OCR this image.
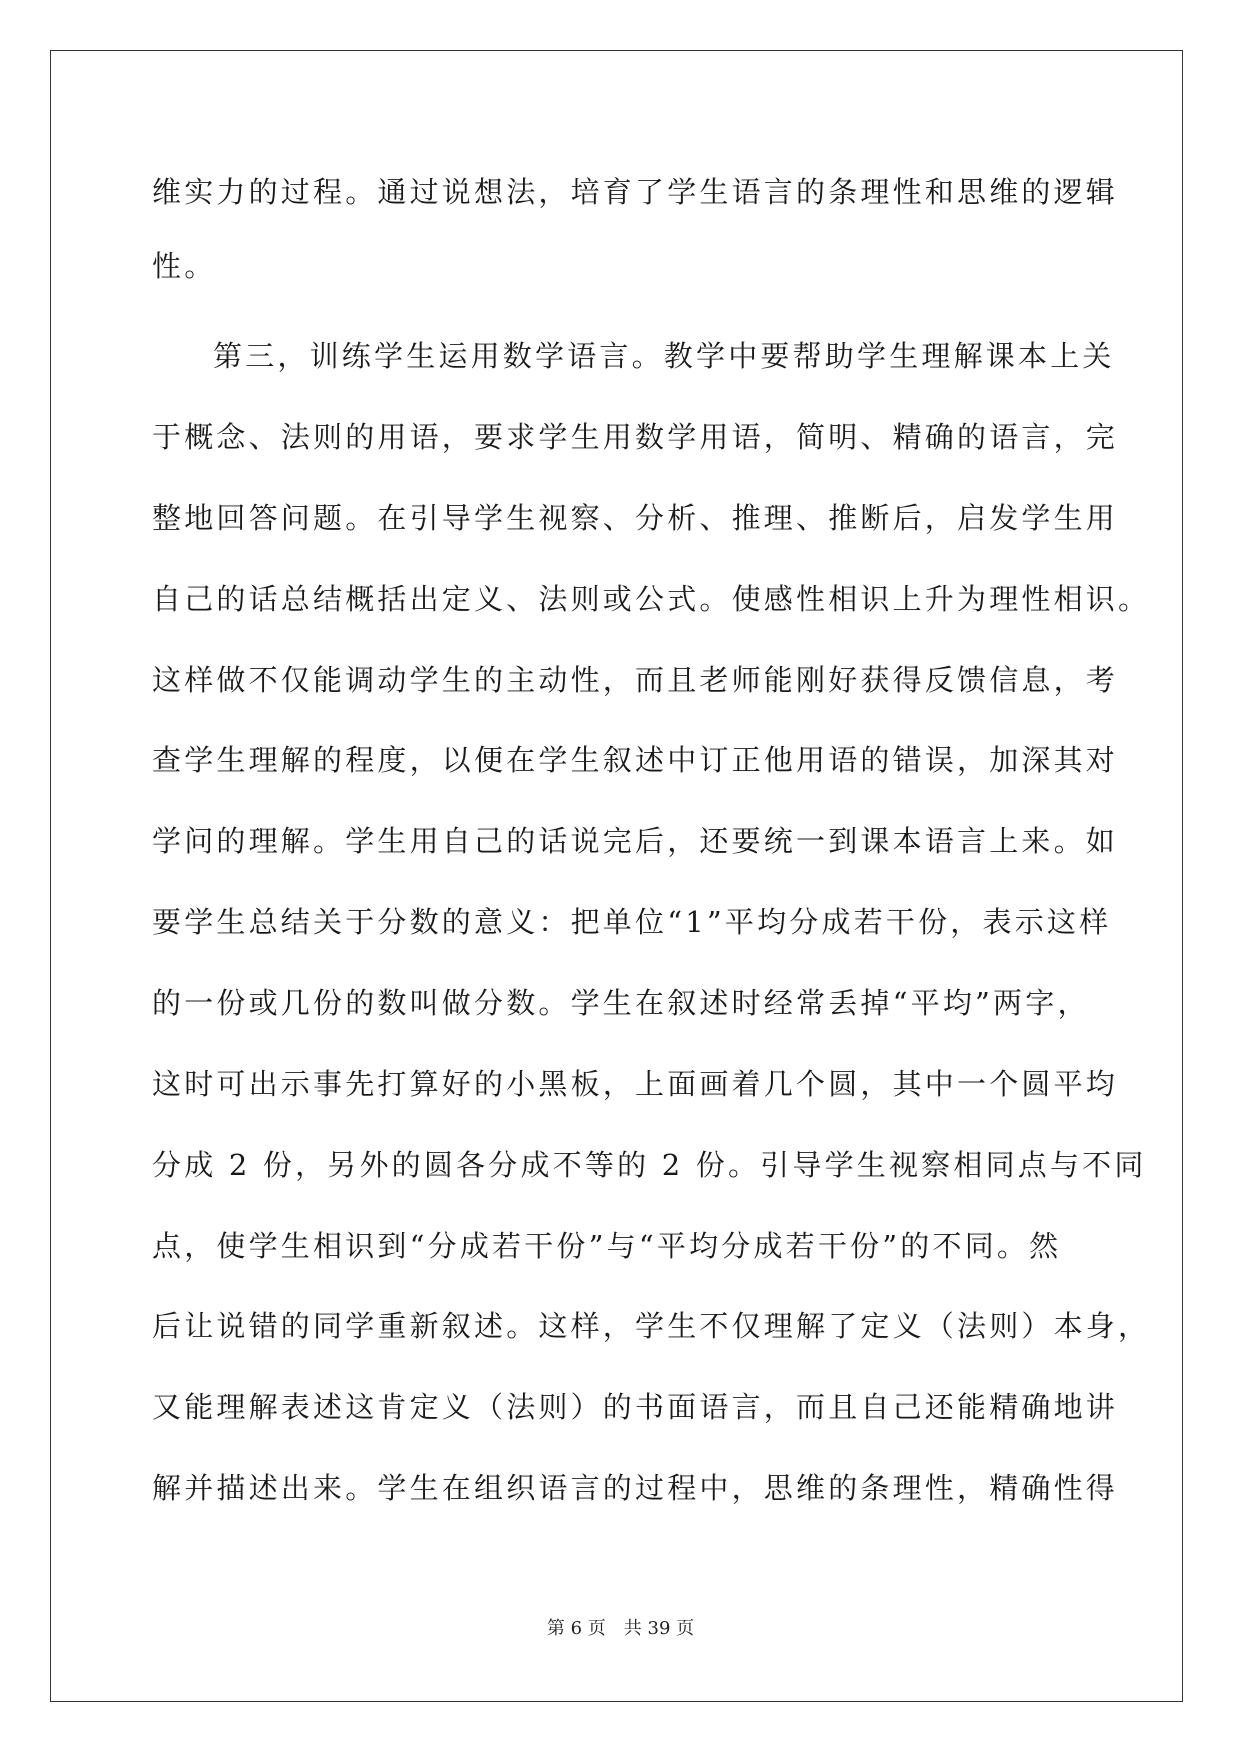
维实力的过程。通过说想法，培育了学生语言的条理性和思维的逻辑
性。
第三，训练学生运用数学语言。教学中要帮助学生理解课本上关
于概念、法则的用语，要求学生用数学用语，简明、精确的语言，完
整地回答问题。在引导学生视察、分析、推理、推断后，启发学生用
自己的话总结概括出定义、法则或公式。使感性相识上升为理性相识。
这样做不仅能调动学生的主动性，而且老师能刚好获得反馈信息，考
查学生理解的程度，以便在学生叙述中订正他用语的错误，加深其对
学问的理解。学生用自己的话说完后，还要统一到课本语言上来。如
要学生总结关于分数的意义：把单位“1”平均分成若干份，表示这样
的一份或几份的数叫做分数。学生在叙述时经常丢掉“平均”两字，
这时可出示事先打算好的小黑板，上面画着几个圆，其中一个圆平均
分成 2 份，另外的圆各分成不等的 2 份。引导学生视察相同点与不同
点，使学生相识到“分成若干份”与“平均分成若干份”的不同。然
后让说错的同学重新叙述。这样，学生不仅理解了定义（法则）本身，
又能理解表述这肯定义（法则）的书面语言，而且自己还能精确地讲
解并描述出来。学生在组织语言的过程中，思维的条理性，精确性得
第 6 页 共 39 页
